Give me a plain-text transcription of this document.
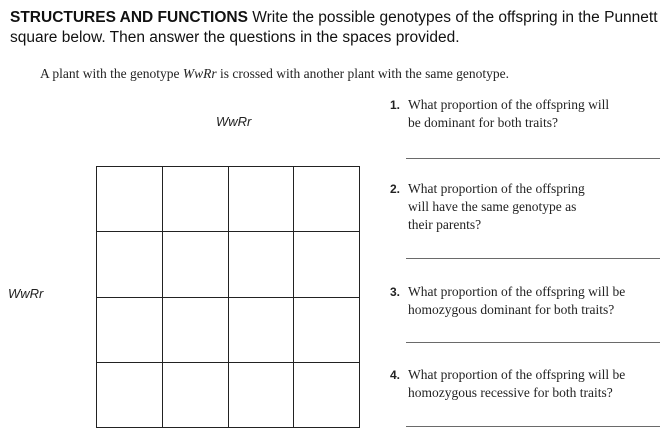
STRUCTURES AND FUNCTIONS Write the possible genotypes of the offspring in the Punnett square below. Then answer the questions in the spaces provided.
A plant with the genotype WwRr is crossed with another plant with the same genotype.
WwRr
WwRr
1. What proportion of the offspring will
be dominant for both traits?
2. What proportion of the offspring
will have the same genotype as
their parents?
3. What proportion of the offspring will be
homozygous dominant for both traits?
4. What proportion of the offspring will be
homozygous recessive for both traits?
